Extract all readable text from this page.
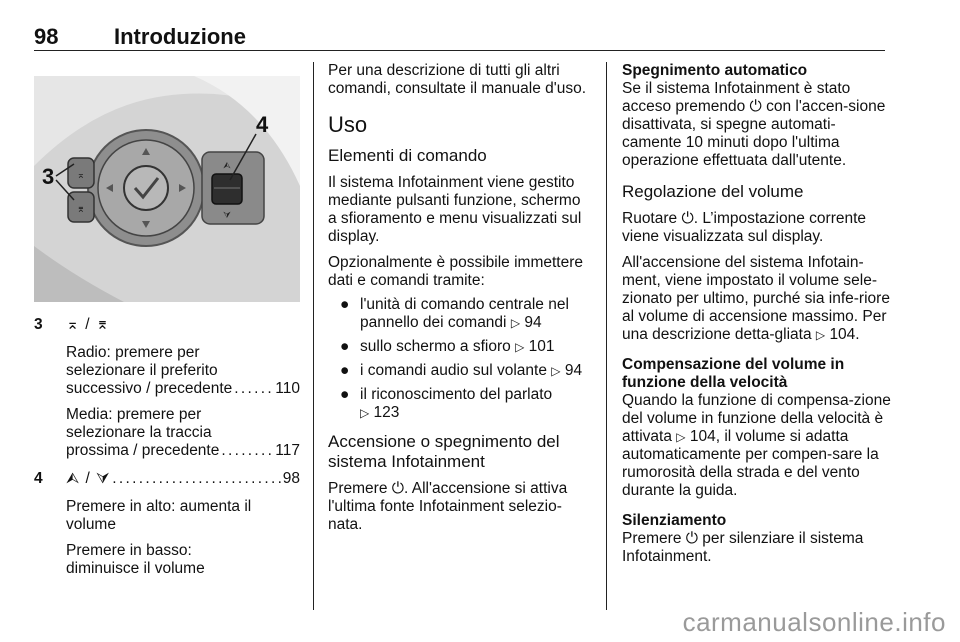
98	Introduzione
⌅
⌆
⮙
⮛
3
4
3 ⌅ / ⌆

Radio: premere per

selezionare il preferito

successivo / precedente . . .	110

Media: premere per

selezionare la traccia

prossima / precedente . . .	117
4 ⮙ / ⮛ . . .	98

Premere in alto: aumenta il

volume

Premere in basso:

diminuisce il volume

Per una descrizione di tutti gli altri comandi, consultate il manuale d'uso.

Uso
Elementi di comando

Il sistema Infotainment viene gestito mediante pulsanti funzione, schermo a sfioramento e menu visualizzati sul display.

Opzionalmente è possibile immettere dati e comandi tramite:

● l'unità di comando centrale nel pannello dei comandi ▷ 94
● sullo schermo a sfioro ▷ 101
● i comandi audio sul volante ▷ 94
● il riconoscimento del parlato
▷ 123
Accensione o spegnimento del sistema Infotainment

Premere ⏻. All'accensione si attiva l'ultima fonte Infotainment selezio-nata.

Spegnimento automatico

Se il sistema Infotainment è stato acceso premendo ⏻ con l'accen-sione disattivata, si spegne automati-camente 10 minuti dopo l'ultima operazione effettuata dall'utente.

Regolazione del volume

Ruotare ⏻. L’impostazione corrente viene visualizzata sul display.

All'accensione del sistema Infotain-ment, viene impostato il volume sele-zionato per ultimo, purché sia infe-riore al volume di accensione massimo. Per una descrizione detta-gliata ▷ 104.

Compensazione del volume in funzione della velocità

Quando la funzione di compensa-zione del volume in funzione della velocità è attivata ▷ 104, il volume si adatta automaticamente per compen-sare la rumorosità della strada e del vento durante la guida.

Silenziamento

Premere ⏻ per silenziare il sistema Infotainment.

carmanualsonline.info
